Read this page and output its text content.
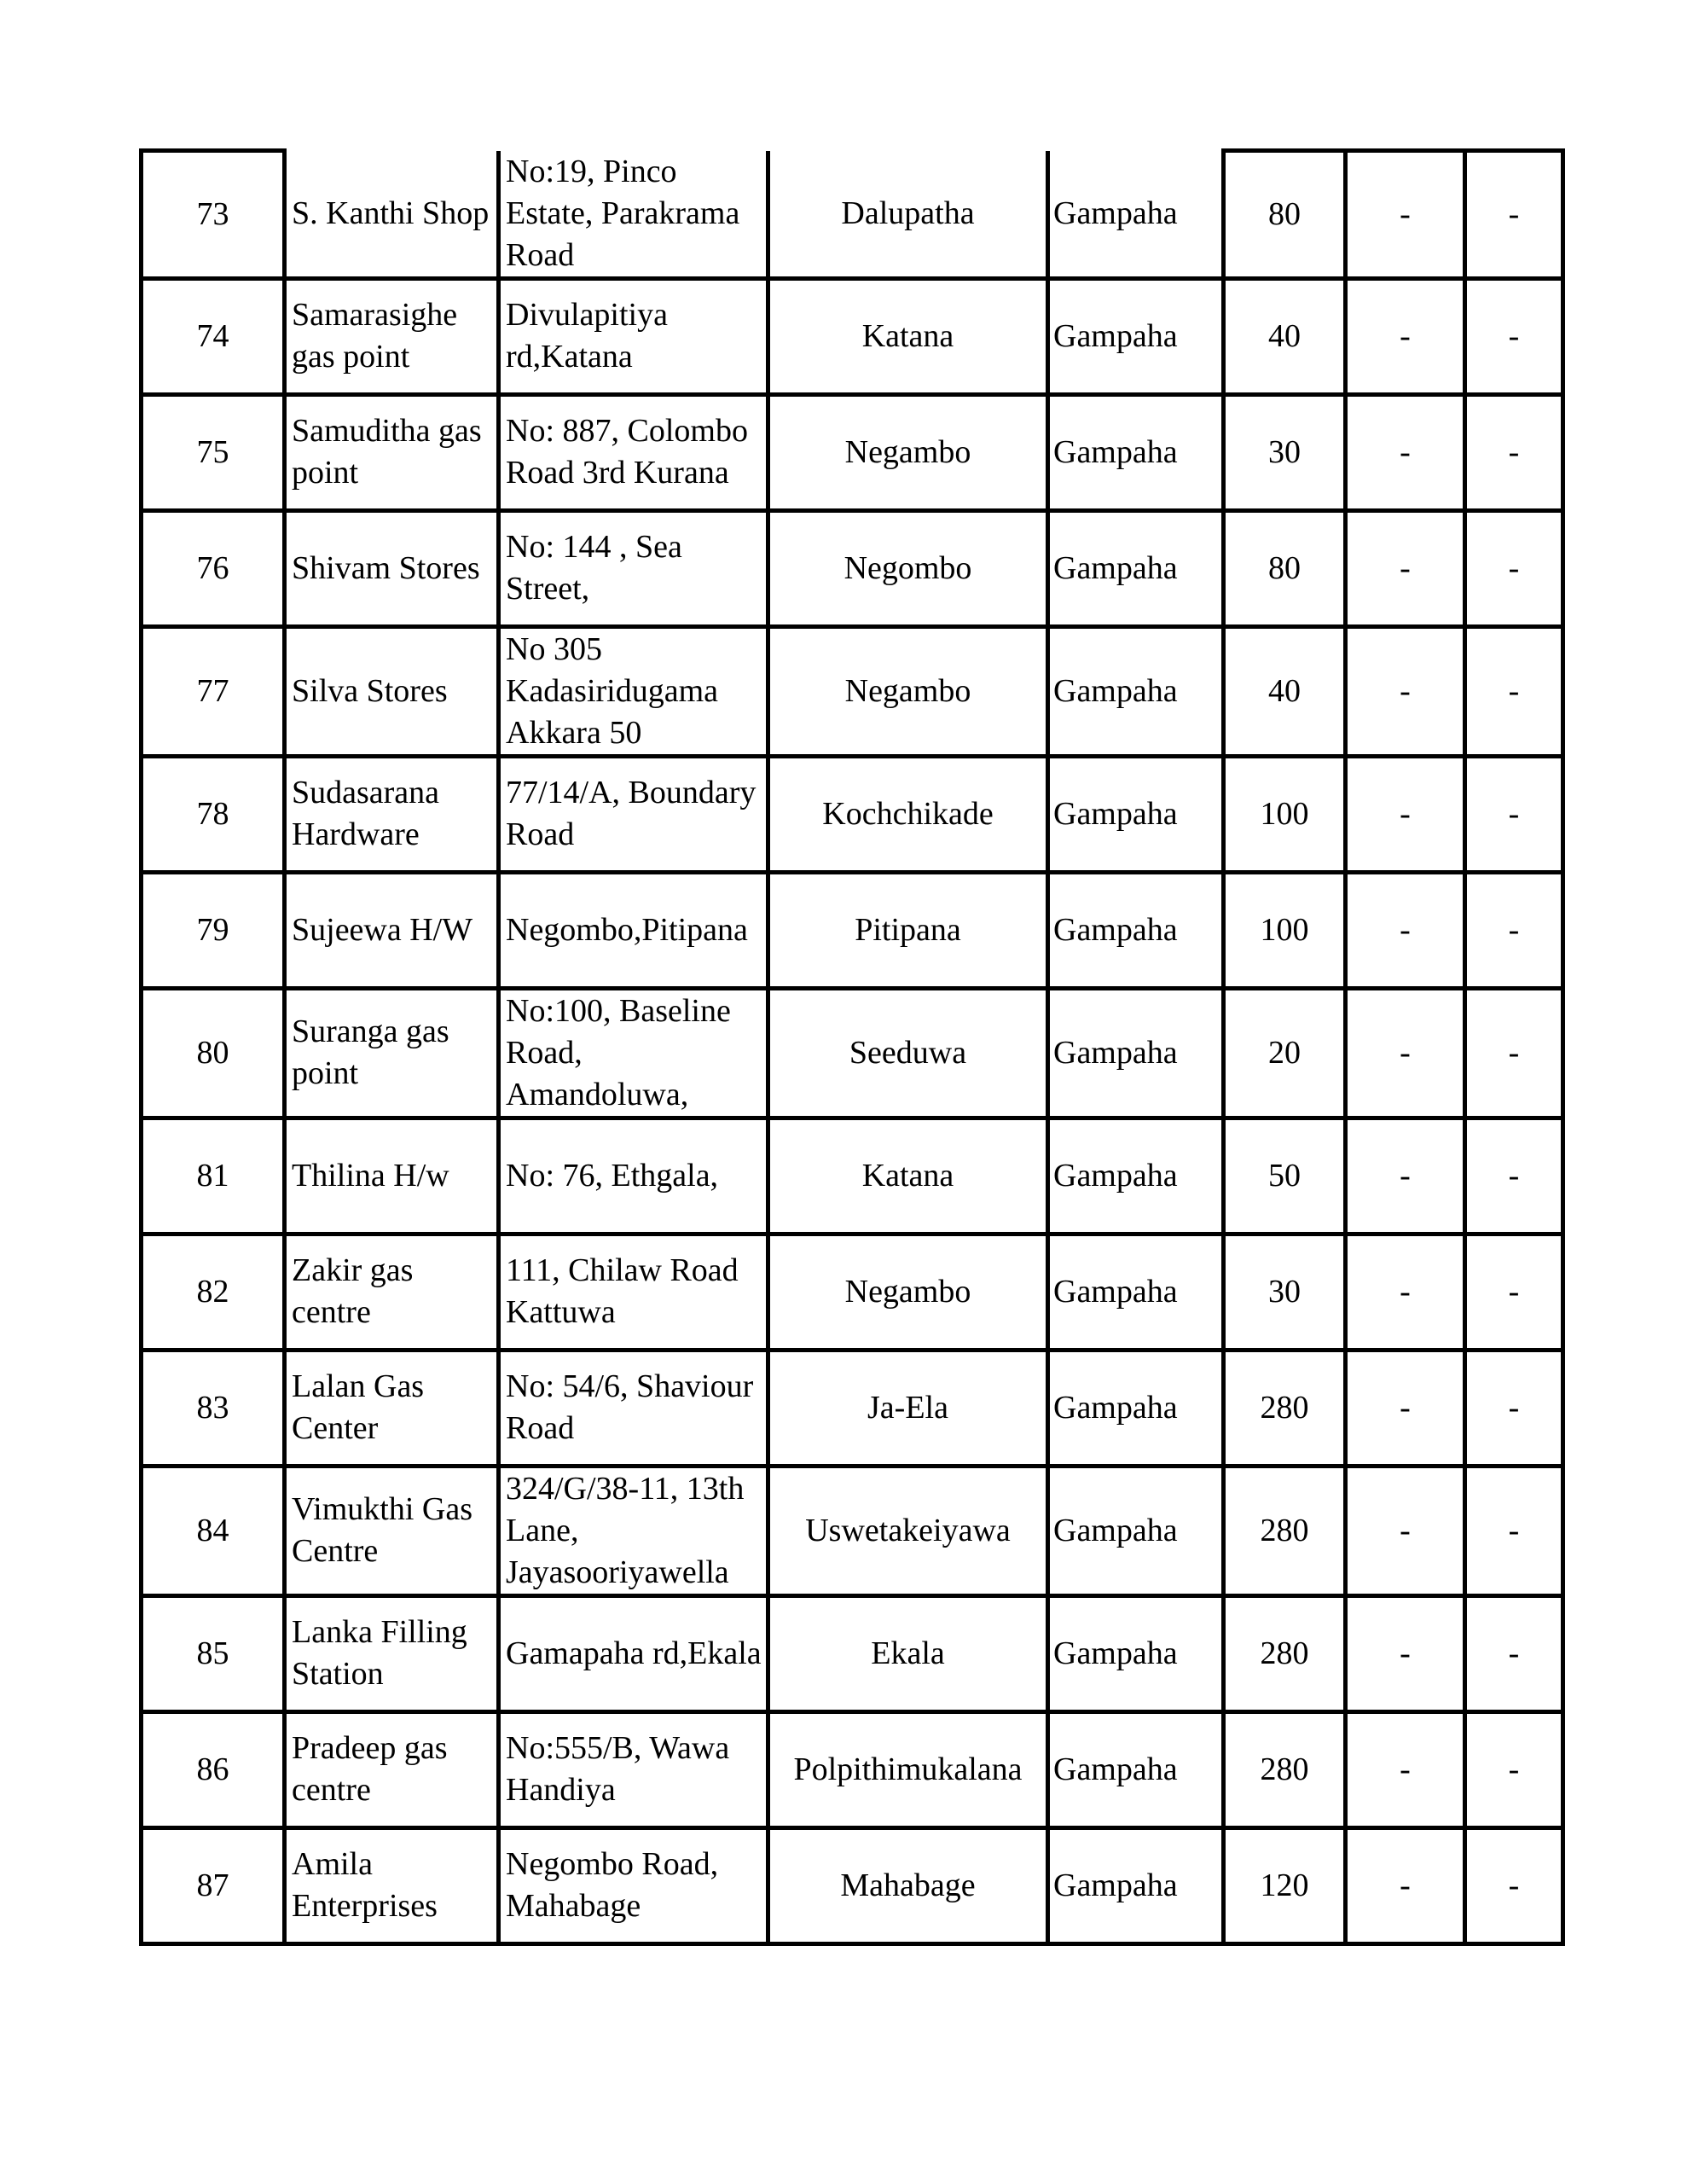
73	S. Kanthi Shop	No:19, Pinco Estate, Parakrama Road	Dalupatha	Gampaha	80	-	-

74	Samarasighe gas point	Divulapitiya rd,Katana	Katana	Gampaha	40	-	-

75	Samuditha gas point	No: 887, Colombo Road 3rd Kurana	Negambo	Gampaha	30	-	-

76	Shivam Stores	No: 144 , Sea Street,	Negombo	Gampaha	80	-	-

77	Silva Stores	No 305 Kadasiridugama Akkara 50	Negambo	Gampaha	40	-	-

78	Sudasarana Hardware	77/14/A, Boundary Road	Kochchikade	Gampaha	100	-	-

79	Sujeewa H/W	Negombo,Pitipana	Pitipana	Gampaha	100	-	-

80	Suranga gas point	No:100, Baseline Road, Amandoluwa,	Seeduwa	Gampaha	20	-	-

81	Thilina H/w	No: 76, Ethgala,	Katana	Gampaha	50	-	-

82	Zakir gas centre	111, Chilaw Road Kattuwa	Negambo	Gampaha	30	-	-

83	Lalan Gas Center	No: 54/6, Shaviour Road	Ja-Ela	Gampaha	280	-	-

84	Vimukthi Gas Centre	324/G/38-11, 13th Lane, Jayasooriyawella	Uswetakeiyawa	Gampaha	280	-	-

85	Lanka Filling Station	Gamapaha rd,Ekala	Ekala	Gampaha	280	-	-

86	Pradeep gas centre	No:555/B, Wawa Handiya	Polpithimukalana	Gampaha	280	-	-

87	Amila Enterprises	Negombo Road, Mahabage	Mahabage	Gampaha	120	-	-
